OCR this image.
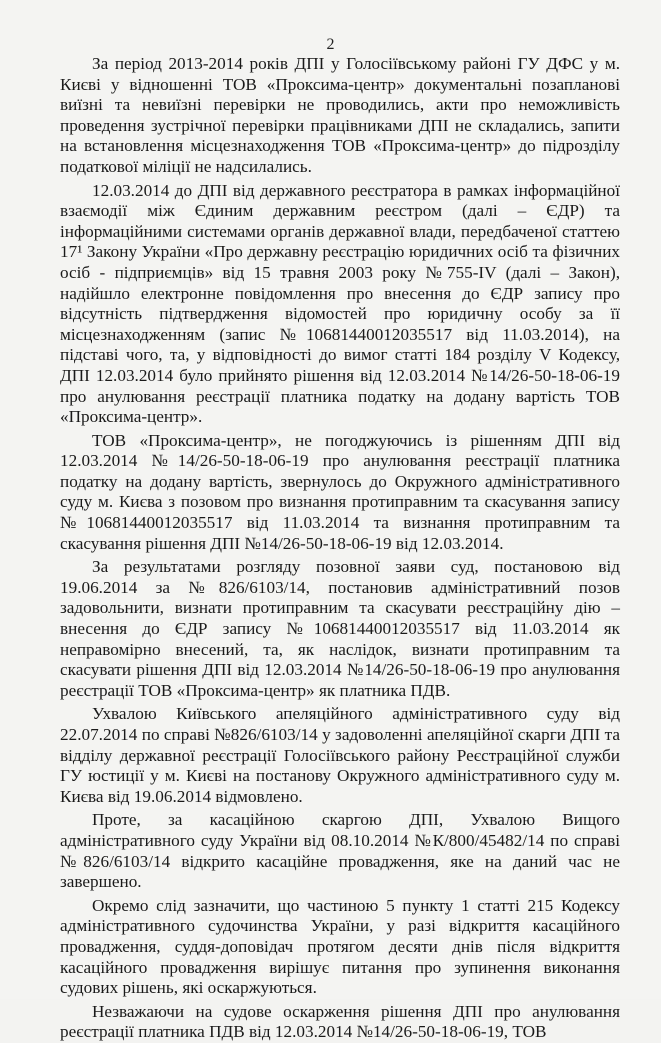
2

За період 2013-2014 років ДПІ у Голосіївському районі ГУ ДФС у м. Києві у відношенні ТОВ «Проксима-центр» документальні позапланові виїзні та невиїзні перевірки не проводились, акти про неможливість проведення зустрічної перевірки працівниками ДПІ не складались, запити на встановлення місцезнаходження ТОВ «Проксима-центр» до підрозділу податкової міліції не надсилались.

12.03.2014 до ДПІ від державного реєстратора в рамках інформаційної взаємодії між Єдиним державним реєстром (далі – ЄДР) та інформаційними системами органів державної влади, передбаченої статтею 17¹ Закону України «Про державну реєстрацію юридичних осіб та фізичних осіб - підприємців» від 15 травня 2003 року №755-IV (далі – Закон), надійшло електронне повідомлення про внесення до ЄДР запису про відсутність підтвердження відомостей про юридичну особу за її місцезнаходженням (запис №10681440012035517 від 11.03.2014), на підставі чого, та, у відповідності до вимог статті 184 розділу V Кодексу, ДПІ 12.03.2014 було прийнято рішення від 12.03.2014 №14/26-50-18-06-19 про анулювання реєстрації платника податку на додану вартість ТОВ «Проксима-центр».

ТОВ «Проксима-центр», не погоджуючись із рішенням ДПІ від 12.03.2014 №14/26-50-18-06-19 про анулювання реєстрації платника податку на додану вартість, звернулось до Окружного адміністративного суду м. Києва з позовом про визнання протиправним та скасування запису №10681440012035517 від 11.03.2014 та визнання протиправним та скасування рішення ДПІ №14/26-50-18-06-19 від 12.03.2014.

За результатами розгляду позовної заяви суд, постановою від 19.06.2014 за №826/6103/14, постановив адміністративний позов задовольнити, визнати протиправним та скасувати реєстраційну дію – внесення до ЄДР запису №10681440012035517 від 11.03.2014 як неправомірно внесений, та, як наслідок, визнати протиправним та скасувати рішення ДПІ від 12.03.2014 №14/26-50-18-06-19 про анулювання реєстрації ТОВ «Проксима-центр» як платника ПДВ.

Ухвалою Київського апеляційного адміністративного суду від 22.07.2014 по справі №826/6103/14 у задоволенні апеляційної скарги ДПІ та відділу державної реєстрації Голосіївського району Реєстраційної служби ГУ юстиції у м. Києві на постанову Окружного адміністративного суду м. Києва від 19.06.2014 відмовлено.

Проте, за касаційною скаргою ДПІ, Ухвалою Вищого адміністративного суду України від 08.10.2014 №К/800/45482/14 по справі №826/6103/14 відкрито касаційне провадження, яке на даний час не завершено.

Окремо слід зазначити, що частиною 5 пункту 1 статті 215 Кодексу адміністративного судочинства України, у разі відкриття касаційного провадження, суддя-доповідач протягом десяти днів після відкриття касаційного провадження вирішує питання про зупинення виконання судових рішень, які оскаржуються.

Незважаючи на судове оскарження рішення ДПІ про анулювання реєстрації платника ПДВ від 12.03.2014 №14/26-50-18-06-19, ТОВ
